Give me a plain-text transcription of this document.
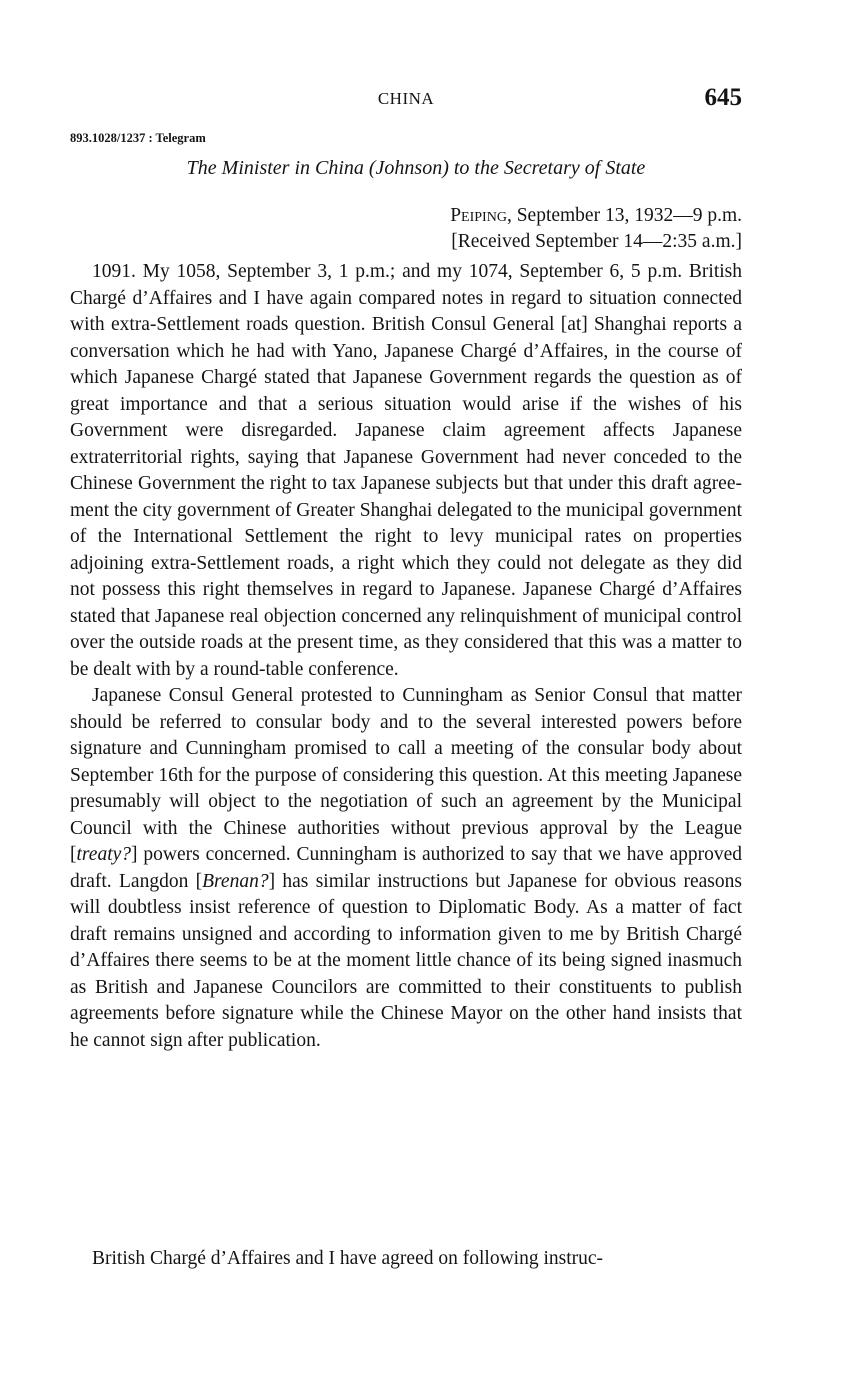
CHINA	645
893.1028/1237 : Telegram
The Minister in China (Johnson) to the Secretary of State
Peiping, September 13, 1932—9 p.m.
[Received September 14—2:35 a.m.]

1091. My 1058, September 3, 1 p.m.; and my 1074, September 6, 5 p.m. British Chargé d’Affaires and I have again compared notes in regard to situation connected with extra-Settlement roads question. British Consul General [at] Shanghai reports a conversation which he had with Yano, Japanese Chargé d’Affaires, in the course of which Japanese Chargé stated that Japanese Government regards the question as of great importance and that a serious situation would arise if the wishes of his Government were disregarded. Japanese claim agreement affects Japanese extraterritorial rights, saying that Japanese Government had never conceded to the Chinese Government the right to tax Japanese subjects but that under this draft agreement the city government of Greater Shanghai delegated to the municipal government of the International Settlement the right to levy municipal rates on properties adjoining extra-Settlement roads, a right which they could not delegate as they did not possess this right themselves in regard to Japanese. Japanese Chargé d’Affaires stated that Japanese real objection concerned any relinquishment of municipal control over the outside roads at the present time, as they considered that this was a matter to be dealt with by a round-table conference.

Japanese Consul General protested to Cunningham as Senior Consul that matter should be referred to consular body and to the several interested powers before signature and Cunningham promised to call a meeting of the consular body about September 16th for the purpose of considering this question. At this meeting Japanese presumably will object to the negotiation of such an agreement by the Municipal Council with the Chinese authorities without previous approval by the League [treaty?] powers concerned. Cunningham is authorized to say that we have approved draft. Langdon [Brenan?] has similar instructions but Japanese for obvious reasons will doubtless insist reference of question to Diplomatic Body. As a matter of fact draft remains unsigned and according to information given to me by British Chargé d’Affaires there seems to be at the moment little chance of its being signed inasmuch as British and Japanese Councilors are committed to their constituents to publish agreements before signature while the Chinese Mayor on the other hand insists that he cannot sign after publication.

British Chargé d’Affaires and I have agreed on following instruc-
